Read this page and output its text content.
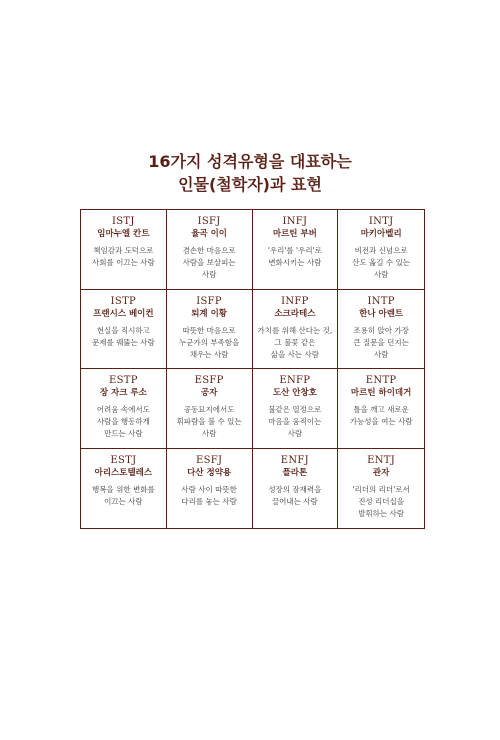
16가지 성격유형을 대표하는
인물(철학자)과 표현
ISTJ
임마누엘 칸트
책임감과 도덕으로
사회를 이끄는 사람
ISFJ
율곡 이이
겸손한 마음으로
사람을 보살피는
사람
INFJ
마르틴 부버
'우리'를 '우리'로
변화시키는 사람
INTJ
마키아벨리
비전과 신념으로
산도 옮길 수 있는
사람
ISTP
프랜시스 베이컨
현실을 직시하고
문제를 꿰뚫는 사람
ISFP
퇴계 이황
따뜻한 마음으로
누군가의 부족함을
채우는 사람
INFP
소크라테스
가치를 위해 산다는 것,
그 불꽃 같은
삶을 사는 사람
INTP
한나 아렌트
조용히 앉아 가장
큰 질문을 던지는
사람
ESTP
장 자크 루소
어려움 속에서도
사람을 행동하게
만드는 사람
ESFP
공자
공동묘지에서도
휘파람을 불 수 있는
사람
ENFP
도산 안창호
불같은 열정으로
마음을 움직이는
사람
ENTP
마르틴 하이데거
틀을 깨고 새로운
가능성을 여는 사람
ESTJ
아리스토텔레스
행복을 위한 변화를
이끄는 사람
ESFJ
다산 정약용
사람 사이 따뜻한
다리를 놓는 사람
ENFJ
플라톤
성장의 잠재력을
끌어내는 사람
ENTJ
관자
'리더의 리더'로서
진성 리더십을
발휘하는 사람
